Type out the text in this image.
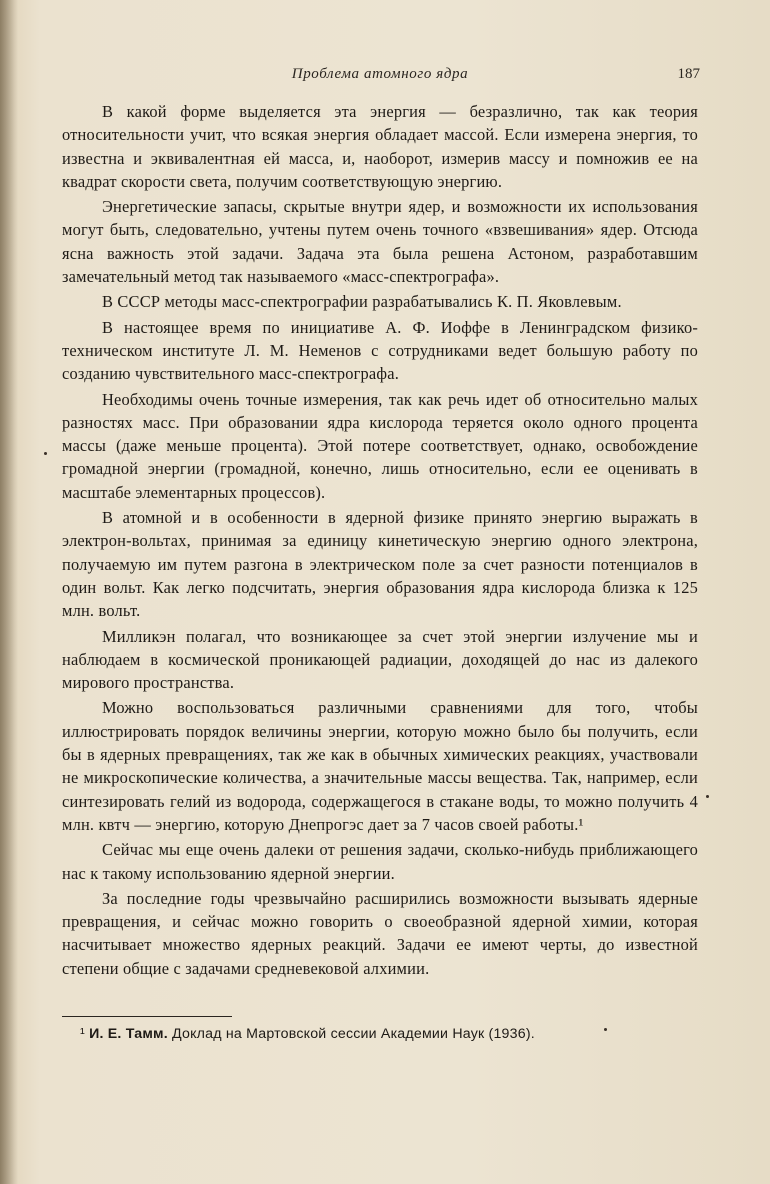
Проблема атомного ядра	187

В какой форме выделяется эта энергия — безразлично, так как теория относительности учит, что всякая энергия обладает массой. Если измерена энергия, то известна и эквивалентная ей масса, и, наоборот, измерив массу и помножив ее на квадрат скорости света, получим соответствующую энергию.

Энергетические запасы, скрытые внутри ядер, и возможности их использования могут быть, следовательно, учтены путем очень точного «взвешивания» ядер. Отсюда ясна важность этой задачи. Задача эта была решена Астоном, разработавшим замечательный метод так называемого «масс-спектрографа».

В СССР методы масс-спектрографии разрабатывались К. П. Яковлевым.

В настоящее время по инициативе А. Ф. Иоффе в Ленинградском физико-техническом институте Л. М. Неменов с сотрудниками ведет большую работу по созданию чувствительного масс-спектрографа.

Необходимы очень точные измерения, так как речь идет об относительно малых разностях масс. При образовании ядра кислорода теряется около одного процента массы (даже меньше процента). Этой потере соответствует, однако, освобождение громадной энергии (громадной, конечно, лишь относительно, если ее оценивать в масштабе элементарных процессов).

В атомной и в особенности в ядерной физике принято энергию выражать в электрон-вольтах, принимая за единицу кинетическую энергию одного электрона, получаемую им путем разгона в электрическом поле за счет разности потенциалов в один вольт. Как легко подсчитать, энергия образования ядра кислорода близка к 125 млн. вольт.

Милликэн полагал, что возникающее за счет этой энергии излучение мы и наблюдаем в космической проникающей радиации, доходящей до нас из далекого мирового пространства.

Можно воспользоваться различными сравнениями для того, чтобы иллюстрировать порядок величины энергии, которую можно было бы получить, если бы в ядерных превращениях, так же как в обычных химических реакциях, участвовали не микроскопические количества, а значительные массы вещества. Так, например, если синтезировать гелий из водорода, содержащегося в стакане воды, то можно получить 4 млн. квтч — энергию, которую Днепрогэс дает за 7 часов своей работы.¹

Сейчас мы еще очень далеки от решения задачи, сколько-нибудь приближающего нас к такому использованию ядерной энергии.

За последние годы чрезвычайно расширились возможности вызывать ядерные превращения, и сейчас можно говорить о своеобразной ядерной химии, которая насчитывает множество ядерных реакций. Задачи ее имеют черты, до известной степени общие с задачами средневековой алхимии.

¹ И. Е. Тамм. Доклад на Мартовской сессии Академии Наук (1936).
